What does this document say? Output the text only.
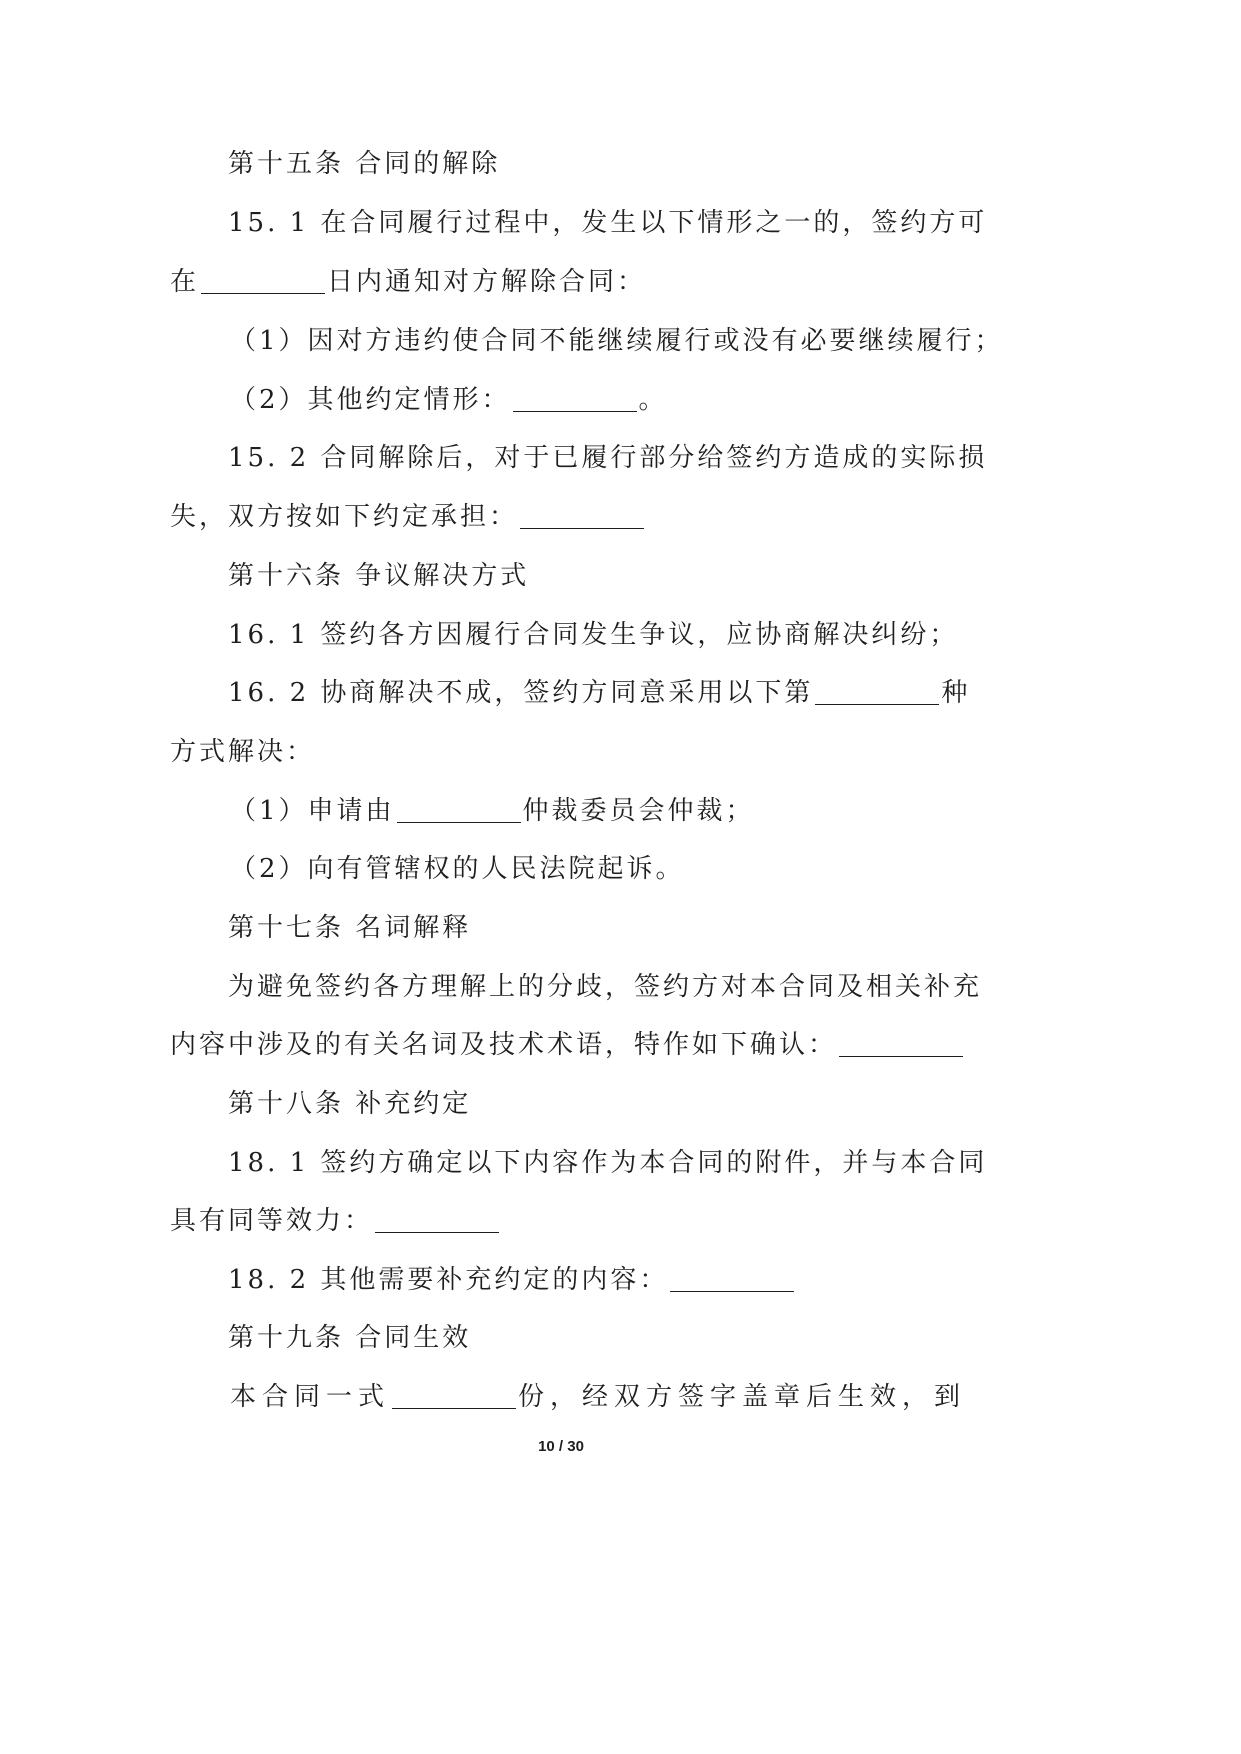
第十五条 合同的解除
15. 1 在合同履行过程中，发生以下情形之一的，签约方可
在	日内通知对方解除合同：
（1）因对方违约使合同不能继续履行或没有必要继续履行；
（2）其他约定情形：	。
15. 2 合同解除后，对于已履行部分给签约方造成的实际损
失，双方按如下约定承担：
第十六条 争议解决方式
16. 1 签约各方因履行合同发生争议，应协商解决纠纷；
16. 2 协商解决不成，签约方同意采用以下第	种
方式解决：
（1）申请由	仲裁委员会仲裁；
（2）向有管辖权的人民法院起诉。
第十七条 名词解释
为避免签约各方理解上的分歧，签约方对本合同及相关补充
内容中涉及的有关名词及技术术语，特作如下确认：
第十八条 补充约定
18. 1 签约方确定以下内容作为本合同的附件，并与本合同
具有同等效力：
18. 2 其他需要补充约定的内容：
第十九条 合同生效
本合同一式	份，经双方签字盖章后生效，到
10 / 30
